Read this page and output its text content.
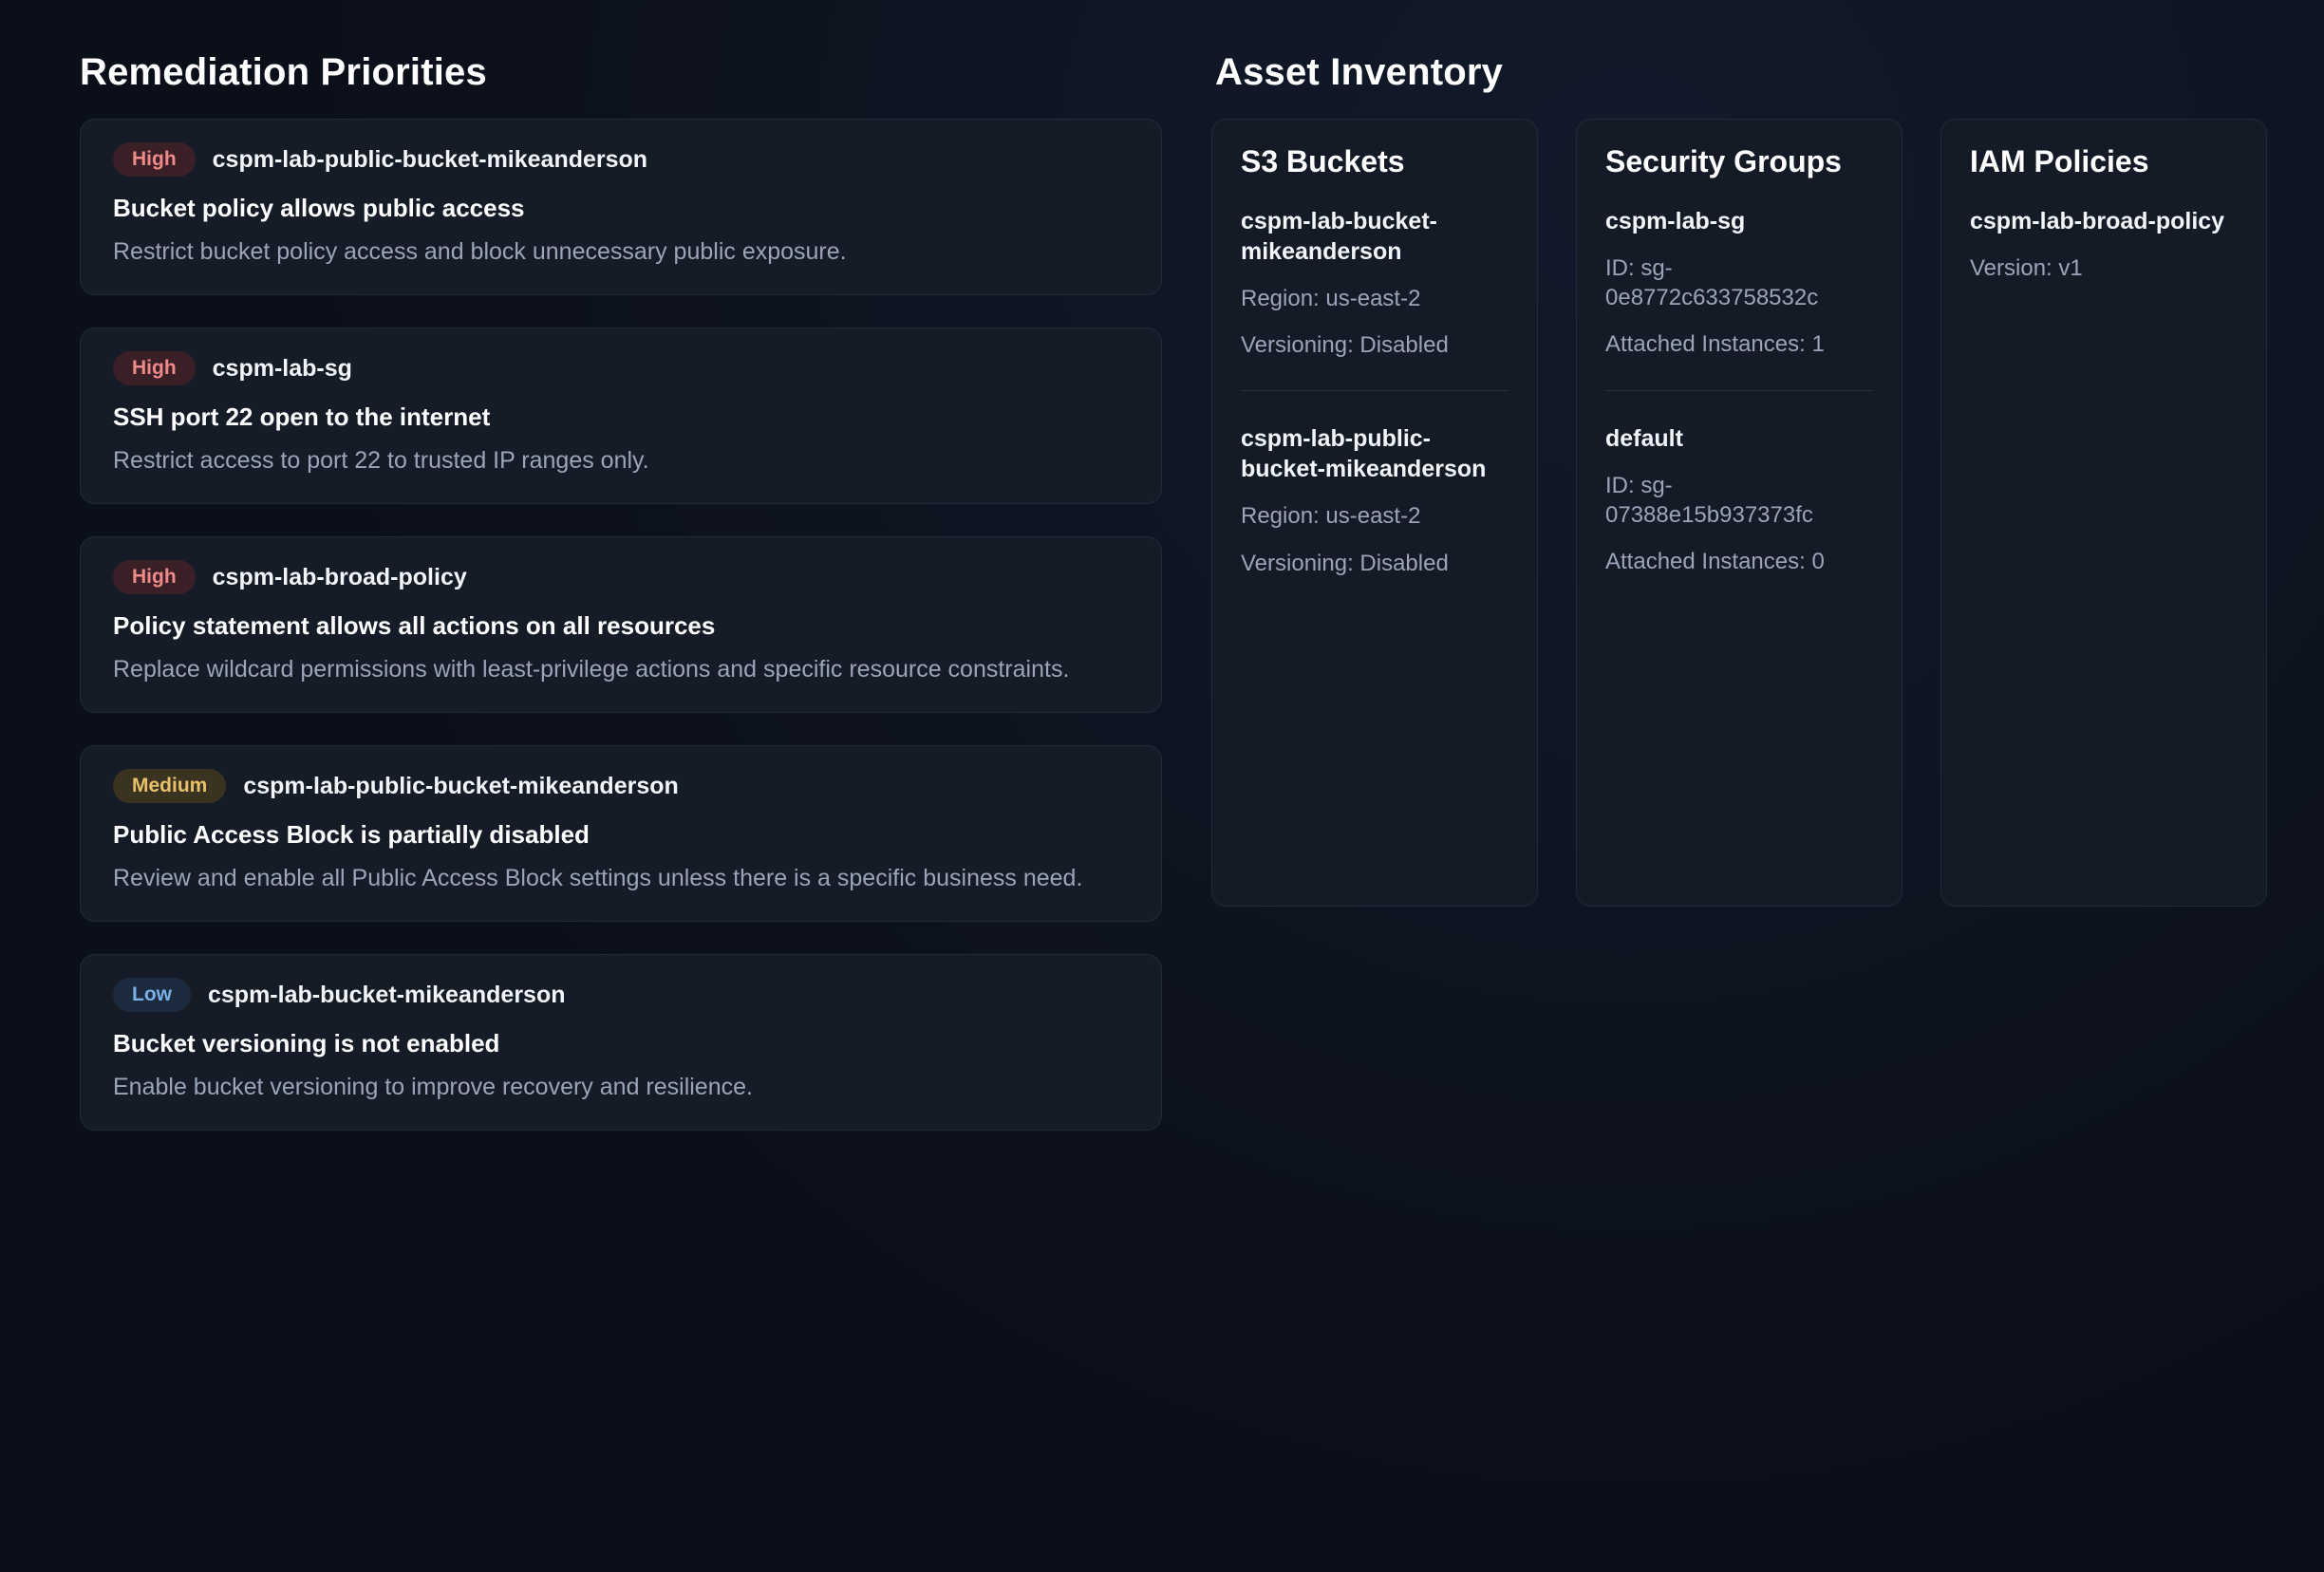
Remediation Priorities
High	cspm-lab-public-bucket-mikeanderson
Bucket policy allows public access
Restrict bucket policy access and block unnecessary public exposure.
High	cspm-lab-sg
SSH port 22 open to the internet
Restrict access to port 22 to trusted IP ranges only.
High	cspm-lab-broad-policy
Policy statement allows all actions on all resources
Replace wildcard permissions with least-privilege actions and specific resource constraints.
Medium	cspm-lab-public-bucket-mikeanderson
Public Access Block is partially disabled
Review and enable all Public Access Block settings unless there is a specific business need.
Low	cspm-lab-bucket-mikeanderson
Bucket versioning is not enabled
Enable bucket versioning to improve recovery and resilience.
Asset Inventory
S3 Buckets
cspm-lab-bucket-mikeanderson
Region: us-east-2
Versioning: Disabled
cspm-lab-public-bucket-mikeanderson
Region: us-east-2
Versioning: Disabled
Security Groups
cspm-lab-sg
ID: sg-0e8772c633758532c
Attached Instances: 1
default
ID: sg-07388e15b937373fc
Attached Instances: 0
IAM Policies
cspm-lab-broad-policy
Version: v1
